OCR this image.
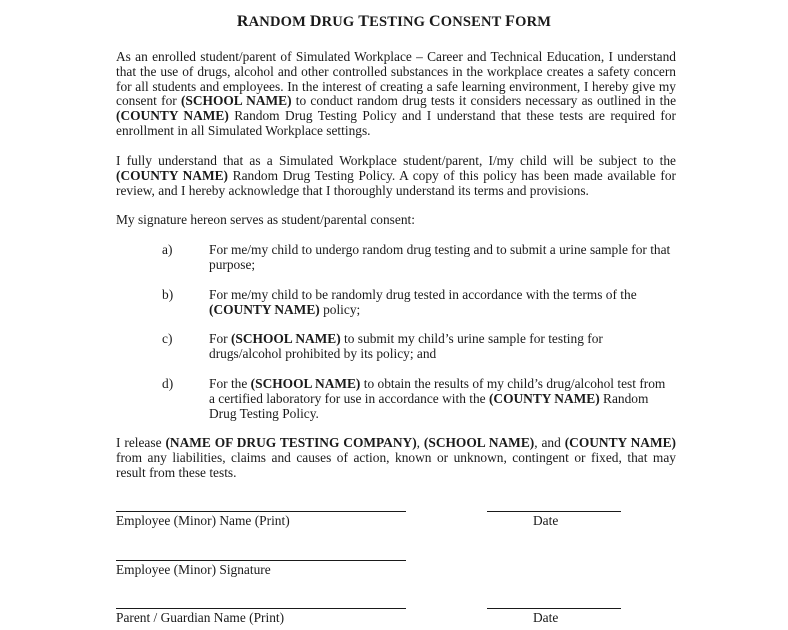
RANDOM DRUG TESTING CONSENT FORM
As an enrolled student/parent of Simulated Workplace – Career and Technical Education, I understand that the use of drugs, alcohol and other controlled substances in the workplace creates a safety concern for all students and employees. In the interest of creating a safe learning environment, I hereby give my consent for (SCHOOL NAME) to conduct random drug tests it considers necessary as outlined in the (COUNTY NAME) Random Drug Testing Policy and I understand that these tests are required for enrollment in all Simulated Workplace settings.
I fully understand that as a Simulated Workplace student/parent, I/my child will be subject to the (COUNTY NAME) Random Drug Testing Policy. A copy of this policy has been made available for review, and I hereby acknowledge that I thoroughly understand its terms and provisions.
My signature hereon serves as student/parental consent:
a)	For me/my child to undergo random drug testing and to submit a urine sample for that purpose;
b)	For me/my child to be randomly drug tested in accordance with the terms of the (COUNTY NAME) policy;
c)	For (SCHOOL NAME) to submit my child’s urine sample for testing for drugs/alcohol prohibited by its policy; and
d)	For the (SCHOOL NAME) to obtain the results of my child’s drug/alcohol test from a certified laboratory for use in accordance with the (COUNTY NAME) Random Drug Testing Policy.
I release (NAME OF DRUG TESTING COMPANY), (SCHOOL NAME), and (COUNTY NAME) from any liabilities, claims and causes of action, known or unknown, contingent or fixed, that may result from these tests.
Employee (Minor) Name (Print)	Date
Employee (Minor) Signature
Parent / Guardian Name (Print)	Date
